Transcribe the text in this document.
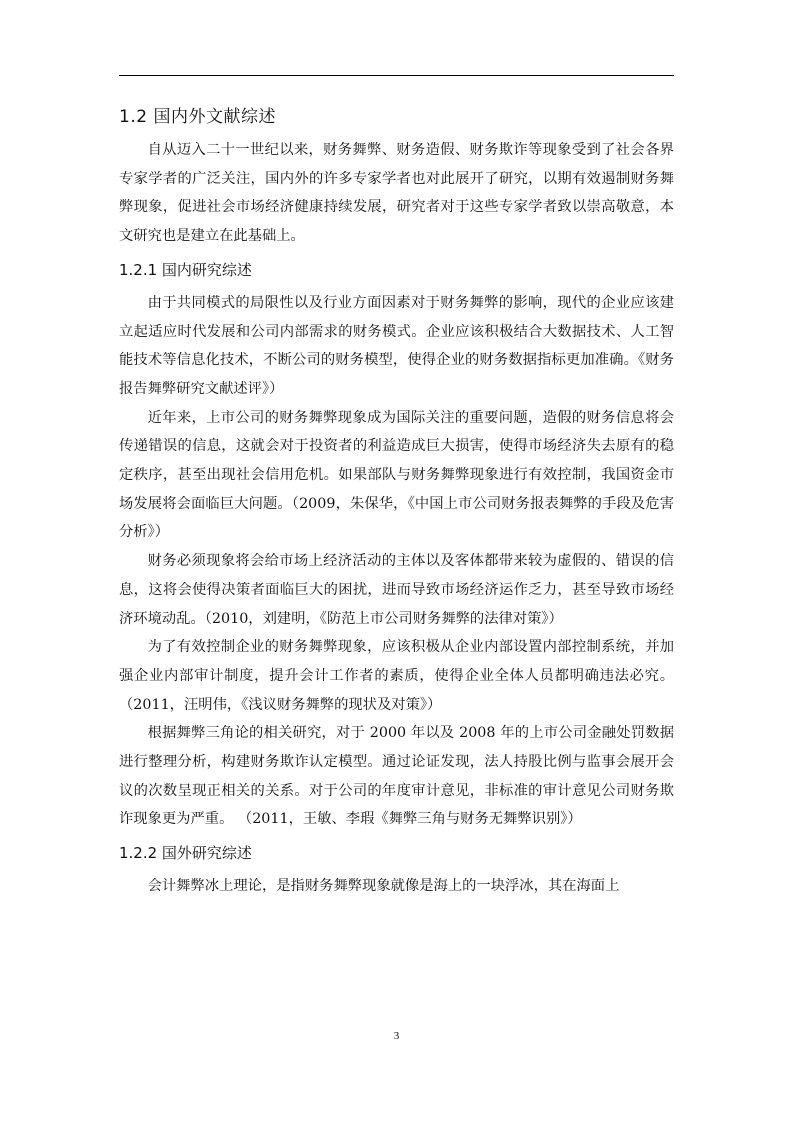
1.2 国内外文献综述

自从迈入二十一世纪以来，财务舞弊、财务造假、财务欺诈等现象受到了社会各界专家学者的广泛关注，国内外的许多专家学者也对此展开了研究，以期有效遏制财务舞弊现象，促进社会市场经济健康持续发展，研究者对于这些专家学者致以崇高敬意，本文研究也是建立在此基础上。

1.2.1 国内研究综述

由于共同模式的局限性以及行业方面因素对于财务舞弊的影响，现代的企业应该建立起适应时代发展和公司内部需求的财务模式。企业应该积极结合大数据技术、人工智能技术等信息化技术，不断公司的财务模型，使得企业的财务数据指标更加准确。《财务报告舞弊研究文献述评》）

近年来，上市公司的财务舞弊现象成为国际关注的重要问题，造假的财务信息将会传递错误的信息，这就会对于投资者的利益造成巨大损害，使得市场经济失去原有的稳定秩序，甚至出现社会信用危机。如果部队与财务舞弊现象进行有效控制，我国资金市场发展将会面临巨大问题。（2009，朱保华，《中国上市公司财务报表舞弊的手段及危害分析》）

财务必须现象将会给市场上经济活动的主体以及客体都带来较为虚假的、错误的信息，这将会使得决策者面临巨大的困扰，进而导致市场经济运作乏力，甚至导致市场经济环境动乱。（2010，刘建明，《防范上市公司财务舞弊的法律对策》）

为了有效控制企业的财务舞弊现象，应该积极从企业内部设置内部控制系统，并加强企业内部审计制度，提升会计工作者的素质，使得企业全体人员都明确违法必究。（2011，汪明伟，《浅议财务舞弊的现状及对策》）

根据舞弊三角论的相关研究，对于 2000 年以及 2008 年的上市公司金融处罚数据进行整理分析，构建财务欺诈认定模型。通过论证发现，法人持股比例与监事会展开会议的次数呈现正相关的关系。对于公司的年度审计意见，非标准的审计意见公司财务欺诈现象更为严重。 （2011，王敏、李瑕《舞弊三角与财务无舞弊识别》）

1.2.2 国外研究综述

会计舞弊冰上理论，是指财务舞弊现象就像是海上的一块浮冰，其在海面上

3
